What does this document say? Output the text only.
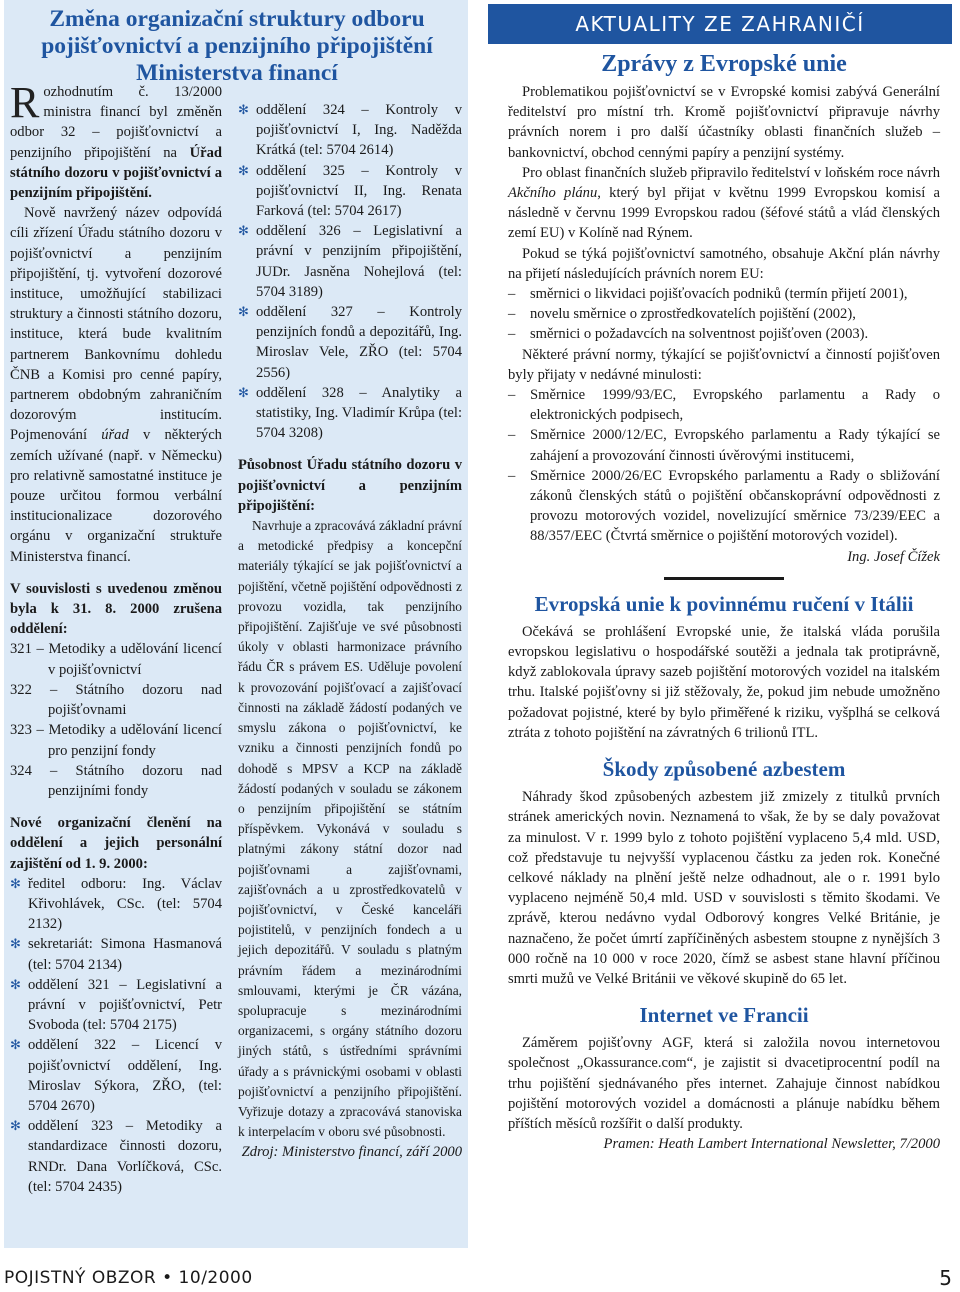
Změna organizační struktury odboru pojišťovnictví a penzijního připojištění Ministerstva financí

Rozhodnutím č. 13/2000 ministra financí byl změněn odbor 32 – pojišťovnictví a penzijního připojištění na Úřad státního dozoru v pojišťovnictví a penzijním připojištění.

Nově navržený název odpovídá cíli zřízení Úřadu státního dozoru v pojišťovnictví a penzijním připojištění, tj. vytvoření dozorové instituce, umožňující stabilizaci struktury a činnosti státního dozoru, instituce, která bude kvalitním partnerem Bankovnímu dohledu ČNB a Komisi pro cenné papíry, partnerem obdobným zahraničním dozorovým institucím. Pojmenování úřad v některých zemích užívané (např. v Německu) pro relativně samostatné instituce je pouze určitou formou verbální institucionalizace dozorového orgánu v organizační struktuře Ministerstva financí.

V souvislosti s uvedenou změnou byla k 31. 8. 2000 zrušena oddělení:

321 – Metodiky a udělování licencí v pojišťovnictví
322 – Státního dozoru nad pojišťovnami
323 – Metodiky a udělování licencí pro penzijní fondy
324 – Státního dozoru nad penzijními fondy

Nové organizační členění na oddělení a jejich personální zajištění od 1. 9. 2000:

✻ ředitel odboru: Ing. Václav Křivohlávek, CSc. (tel: 5704 2132)
✻ sekretariát: Simona Hasmanová (tel: 5704 2134)
✻ oddělení 321 – Legislativní a právní v pojišťovnictví, Petr Svoboda (tel: 5704 2175)
✻ oddělení 322 – Licencí v pojišťovnictví oddělení, Ing. Miroslav Sýkora, ZŘO, (tel: 5704 2670)
✻ oddělení 323 – Metodiky a standardizace činnosti dozoru, RNDr. Dana Vorlíčková, CSc. (tel: 5704 2435)
✻ oddělení 324 – Kontroly v pojišťovnictví I, Ing. Naděžda Krátká (tel: 5704 2614)
✻ oddělení 325 – Kontroly v pojišťovnictví II, Ing. Renata Farková (tel: 5704 2617)
✻ oddělení 326 – Legislativní a právní v penzijním připojištění, JUDr. Jasněna Nohejlová (tel: 5704 3189)
✻ oddělení 327 – Kontroly penzijních fondů a depozitářů, Ing. Miroslav Vele, ZŘO (tel: 5704 2556)
✻ oddělení 328 – Analytiky a statistiky, Ing. Vladimír Krůpa (tel: 5704 3208)

Působnost Úřadu státního dozoru v pojišťovnictví a penzijním připojištění:

Navrhuje a zpracovává základní právní a metodické předpisy a koncepční materiály týkající se jak pojišťovnictví a pojištění, včetně pojištění odpovědnosti z provozu vozidla, tak penzijního připojištění. Zajišťuje ve své působnosti úkoly v oblasti harmonizace právního řádu ČR s právem ES. Uděluje povolení k provozování pojišťovací a zajišťovací činnosti na základě žádostí podaných ve smyslu zákona o pojišťovnictví, ke vzniku a činnosti penzijních fondů po dohodě s MPSV a KCP na základě žádostí podaných v souladu se zákonem o penzijním připojištění se státním příspěvkem. Vykonává v souladu s platnými zákony státní dozor nad pojišťovnami a zajišťovnami, zajišťovnách a u zprostředkovatelů v pojišťovnictví, v České kanceláři pojistitelů, v penzijních fondech a u jejich depozitářů. V souladu s platným právním řádem a mezinárodními smlouvami, kterými je ČR vázána, spolupracuje s mezinárodními organizacemi, s orgány státního dozoru jiných států, s ústředními správními úřady a s právnickými osobami v oblasti pojišťovnictví a penzijního připojištění. Vyřizuje dotazy a zpracovává stanoviska k interpelacím v oboru své působnosti.

Zdroj: Ministerstvo financí, září 2000

AKTUALITY ZE ZAHRANIČÍ
Zprávy z Evropské unie

Problematikou pojišťovnictví se v Evropské komisi zabývá Generální ředitelství pro místní trh. Kromě pojišťovnictví připravuje návrhy právních norem i pro další účastníky oblasti finančních služeb – bankovnictví, obchod cennými papíry a penzijní systémy.

Pro oblast finančních služeb připravilo ředitelství v loňském roce návrh Akčního plánu, který byl přijat v květnu 1999 Evropskou komisí a následně v červnu 1999 Evropskou radou (šéfové států a vlád členských zemí EU) v Kolíně nad Rýnem.

Pokud se týká pojišťovnictví samotného, obsahuje Akční plán návrhy na přijetí následujících právních norem EU:

– směrnici o likvidaci pojišťovacích podniků (termín přijetí 2001),
– novelu směrnice o zprostředkovatelích pojištění (2002),
– směrnici o požadavcích na solventnost pojišťoven (2003).

Některé právní normy, týkající se pojišťovnictví a činností pojišťoven byly přijaty v nedávné minulosti:

– Směrnice 1999/93/EC, Evropského parlamentu a Rady o elektronických podpisech,
– Směrnice 2000/12/EC, Evropského parlamentu a Rady týkající se zahájení a provozování činnosti úvěrovými institucemi,
– Směrnice 2000/26/EC Evropského parlamentu a Rady o sbližování zákonů členských států o pojištění občanskoprávní odpovědnosti z provozu motorových vozidel, novelizující směrnice 73/239/EEC a 88/357/EEC (Čtvrtá směrnice o pojištění motorových vozidel).

Ing. Josef Čížek

Evropská unie k povinnému ručení v Itálii

Očekává se prohlášení Evropské unie, že italská vláda porušila evropskou legislativu o hospodářské soutěži a jednala tak protiprávně, když zablokovala úpravy sazeb pojištění motorových vozidel na italském trhu. Italské pojišťovny si již stěžovaly, že, pokud jim nebude umožněno požadovat pojistné, které by bylo přiměřené k riziku, vyšplhá se celková ztráta z tohoto pojištění na závratných 6 trilionů ITL.

Škody způsobené azbestem

Náhrady škod způsobených azbestem již zmizely z titulků prvních stránek amerických novin. Neznamená to však, že by se daly považovat za minulost. V r. 1999 bylo z tohoto pojištění vyplaceno 5,4 mld. USD, což představuje tu nejvyšší vyplacenou částku za jeden rok. Konečné celkové náklady na plnění ještě nelze odhadnout, ale o r. 1991 bylo vyplaceno nejméně 50,4 mld. USD v souvislosti s těmito škodami. Ve zprávě, kterou nedávno vydal Odborový kongres Velké Británie, je naznačeno, že počet úmrtí zapříčiněných asbestem stoupne z nynějších 3 000 ročně na 10 000 v roce 2020, čímž se asbest stane hlavní příčinou smrti mužů ve Velké Británii ve věkové skupině do 65 let.

Internet ve Francii

Záměrem pojišťovny AGF, která si založila novou internetovou společnost „Okassurance.com“, je zajistit si dvacetiprocentní podíl na trhu pojištění sjednávaného přes internet. Zahajuje činnost nabídkou pojištění motorových vozidel a domácnosti a plánuje nabídku během příštích měsíců rozšířit o další produkty.

Pramen: Heath Lambert International Newsletter, 7/2000

POJISTNÝ OBZOR • 10/2000	5
